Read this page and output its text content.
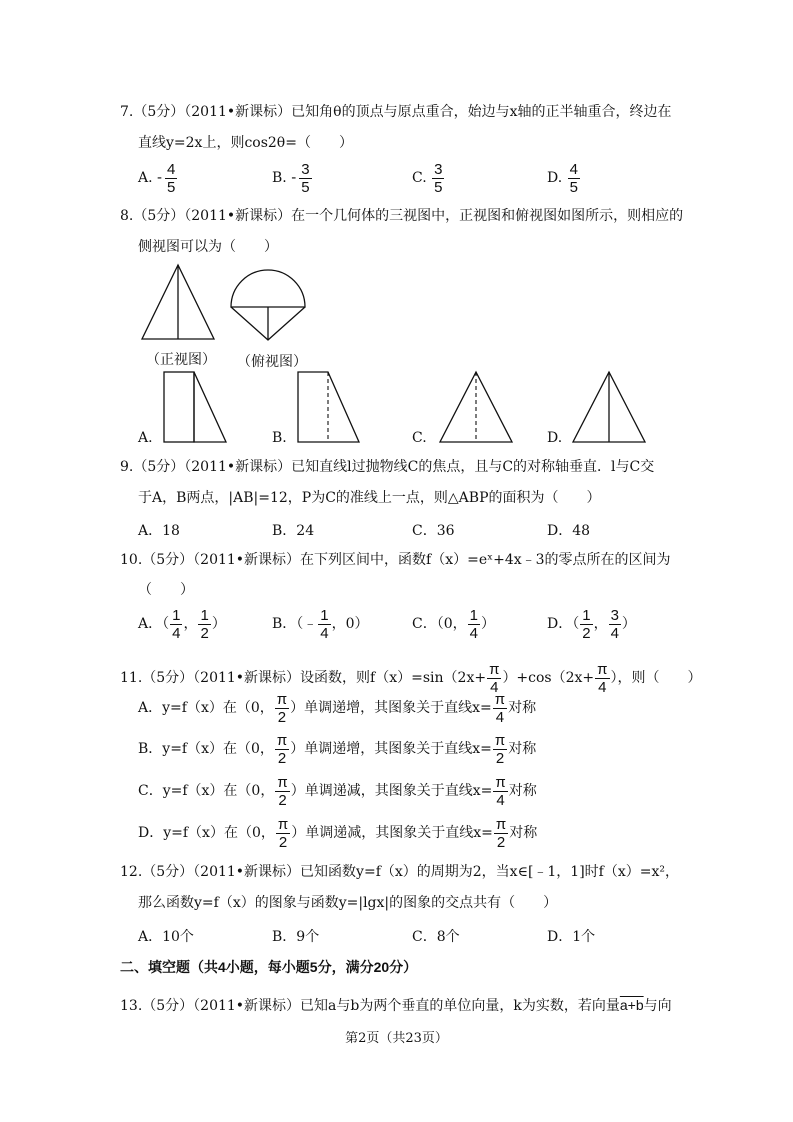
7.（5分）（2011•新课标）已知角θ的顶点与原点重合，始边与x轴的正半轴重合，终边在
直线y=2x上，则cos2θ=（　　）
A. - $\frac{4}{5}$	B. - $\frac{3}{5}$	C. $\frac{3}{5}$	D. $\frac{4}{5}$
8.（5分）（2011•新课标）在一个几何体的三视图中，正视图和俯视图如图所示，则相应的
侧视图可以为（　　）
（正视图） （俯视图）
A.	B.	C.	D.
9.（5分）（2011•新课标）已知直线l过抛物线C的焦点，且与C的对称轴垂直．l与C交
于A，B两点，|AB|=12，P为C的准线上一点，则△ABP的面积为（　　）
A．18	B．24	C．36	D．48
10.（5分）（2011•新课标）在下列区间中，函数f（x）=eˣ+4x﹣3的零点所在的区间为
（　　）
A．（ $\frac{1}{4}$ ， $\frac{1}{2}$ ）	B．（﹣ $\frac{1}{4}$ ，0）	C．（0， $\frac{1}{4}$ ）	D．（ $\frac{1}{2}$ ， $\frac{3}{4}$ ）
11.（5分）（2011•新课标）设函数，则$f(x)=\sin(2x+ \frac{\pi}{4} )+\cos(2x+ \frac{\pi}{4}$ ），则（　　）
A．y=f（x）在（0， $\frac{\pi}{2}$ ）单调递增，其图象关于直线$x= \frac{\pi}{4}$ 对称
B．y=f（x）在（0， $\frac{\pi}{2}$ ）单调递增，其图象关于直线$x= \frac{\pi}{2}$ 对称
C．y=f（x）在（0， $\frac{\pi}{2}$ ）单调递减，其图象关于直线$x= \frac{\pi}{4}$ 对称
D．y=f（x）在（0， $\frac{\pi}{2}$ ）单调递减，其图象关于直线$x= \frac{\pi}{2}$ 对称
12.（5分）（2011•新课标）已知函数y=f（x）的周期为2，当x∈[﹣1，1]时f（x）=x²，
那么函数y=f（x）的图象与函数y=|lgx|的图象的交点共有（　　）
A．10个	B．9个	C．8个	D．1个
二、填空题（共4小题，每小题5分，满分20分）
13.（5分）（2011•新课标）已知a与b为两个垂直的单位向量，k为实数，若向量a+b与向
第2页（共23页）
